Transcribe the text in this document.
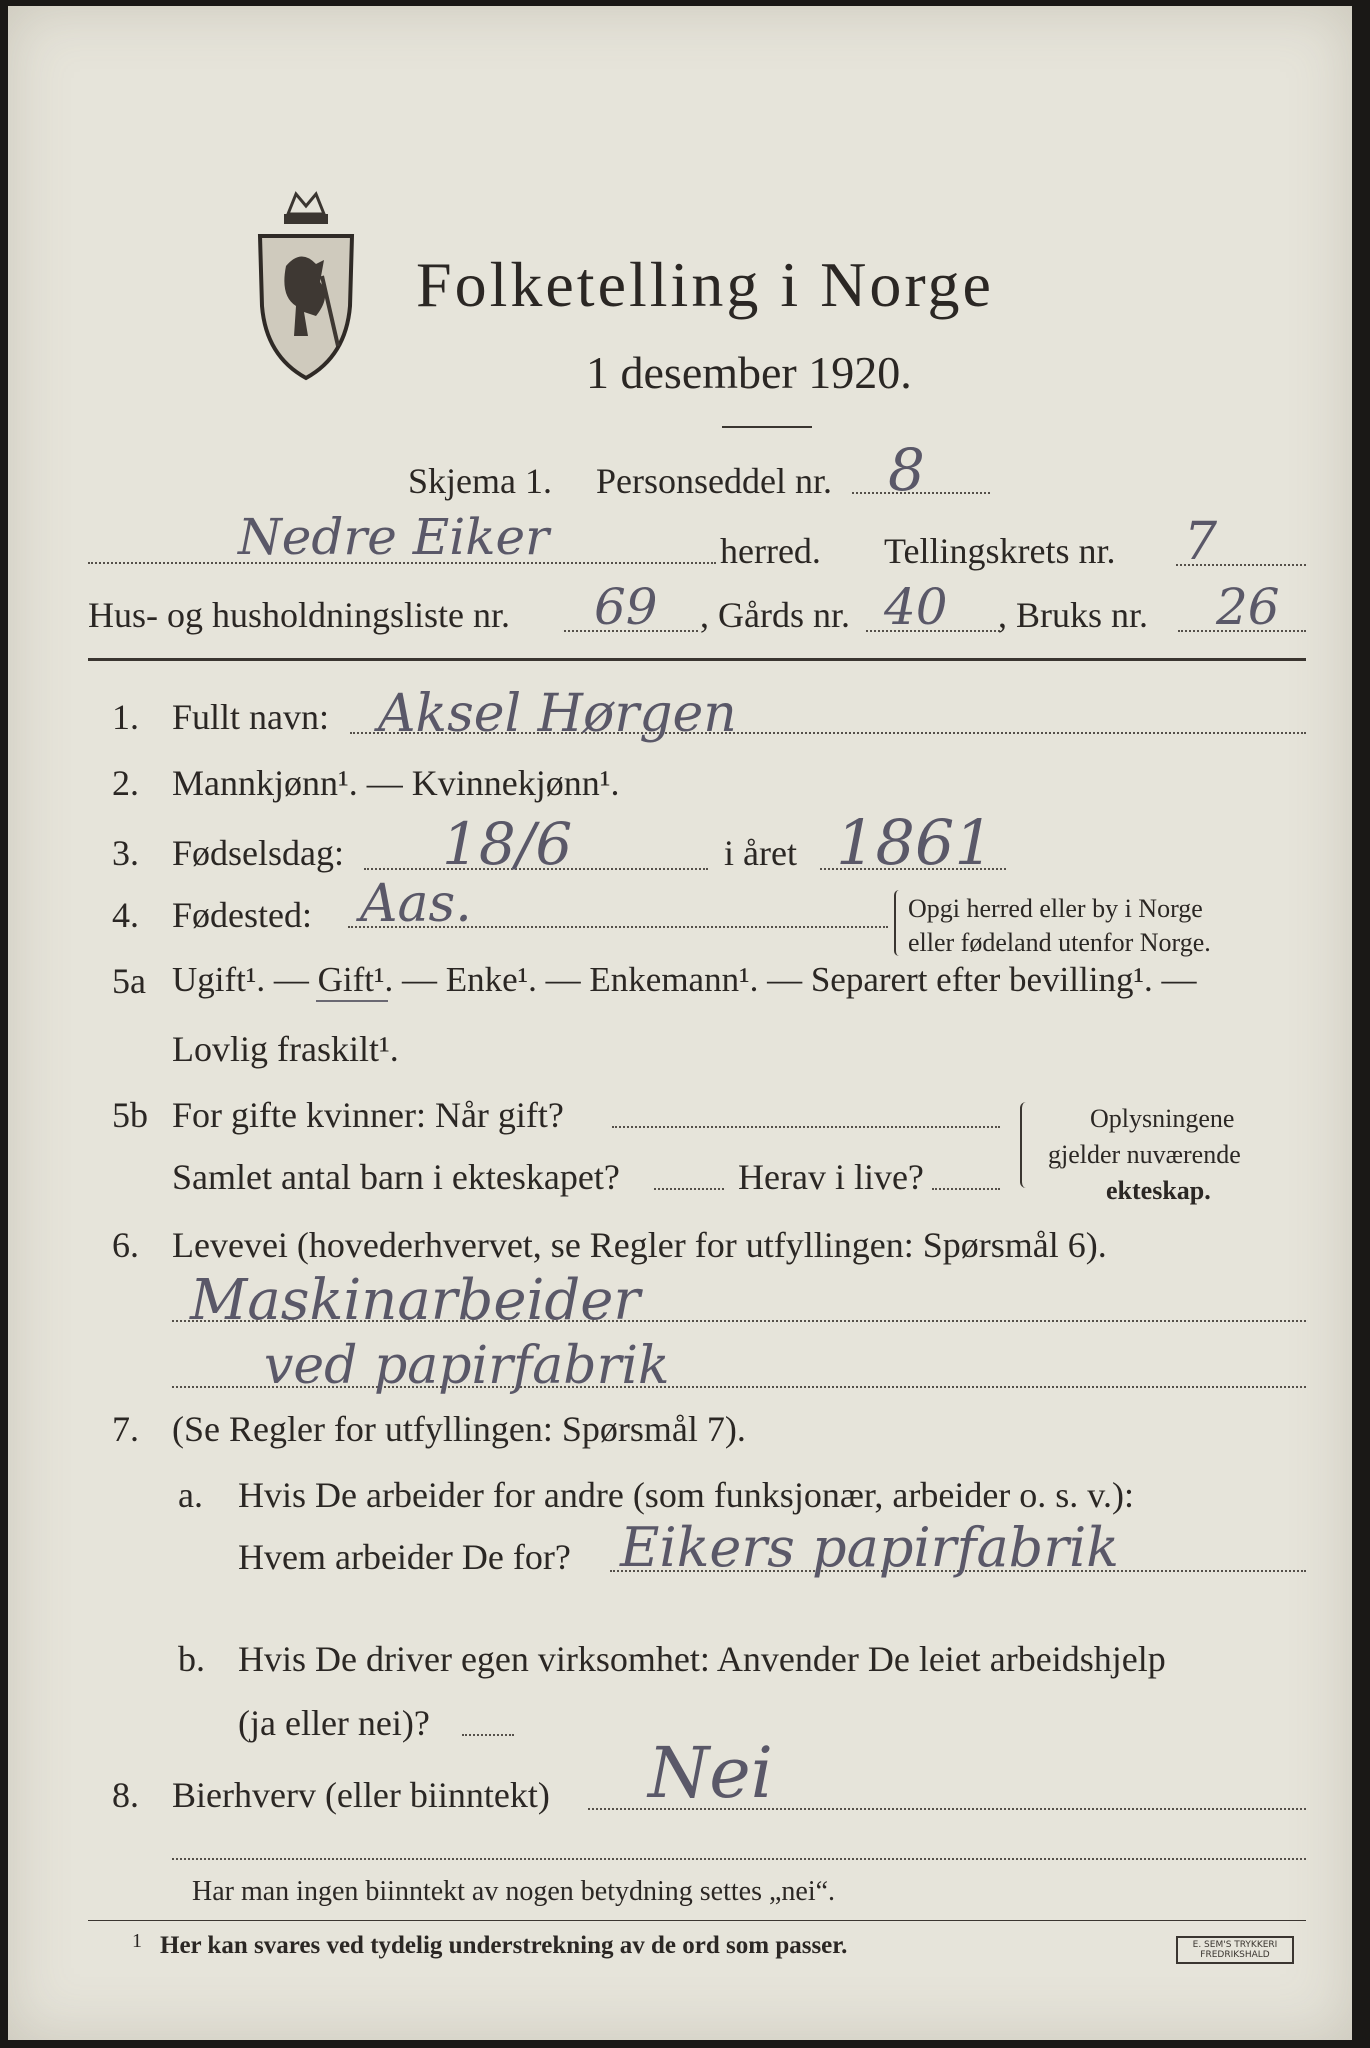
Folketelling i Norge
1 desember 1920.
Skjema 1. Personseddel nr. 8
Nedre Eiker	herred. Tellingskrets nr. 7
Hus- og husholdningsliste nr. 69 , Gårds nr. 40 , Bruks nr. 26
1. Fullt navn: Aksel Hørgen
2. Mannkjønn¹. — Kvinnekjønn¹.
3. Fødselsdag: 18/6	i året 1861
4. Fødested: Aas.	Opgi herred eller by i Norge
eller fødeland utenfor Norge.
5a Ugift¹. — Gift¹. — Enke¹. — Enkemann¹. — Separert efter bevilling¹. —
Lovlig fraskilt¹.
5b For gifte kvinner: Når gift?
Samlet antal barn i ekteskapet?	Herav i live?
Oplysningene
gjelder nuværende
ekteskap.
6. Levevei (hovederhvervet, se Regler for utfyllingen: Spørsmål 6).
Maskinarbeider
ved papirfabrik
7. (Se Regler for utfyllingen: Spørsmål 7).
a. Hvis De arbeider for andre (som funksjonær, arbeider o. s. v.):
Hvem arbeider De for? Eikers papirfabrik
b. Hvis De driver egen virksomhet: Anvender De leiet arbeidshjelp
(ja eller nei)?
8. Bierhverv (eller biinntekt) Nei
Har man ingen biinntekt av nogen betydning settes „nei“.
1 Her kan svares ved tydelig understrekning av de ord som passer.	E. SEM'S TRYKKERI FREDRIKSHALD
